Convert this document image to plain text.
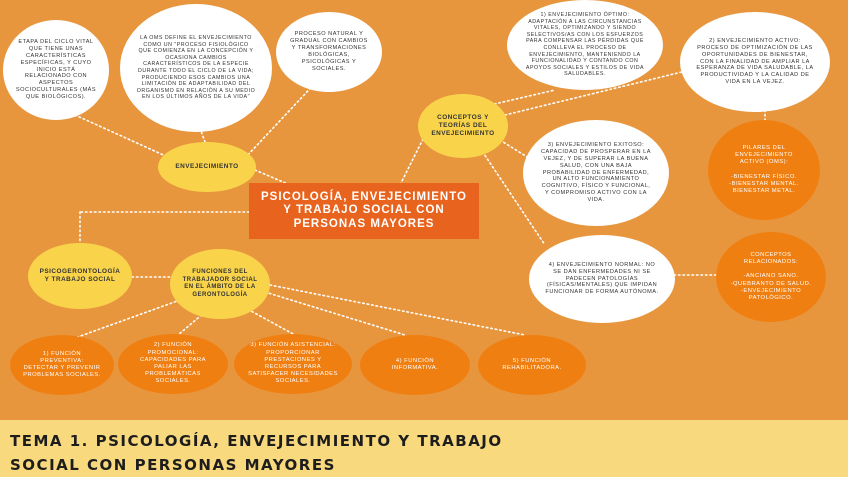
ETAPA DEL CICLO VITAL QUE TIENE UNAS CARACTERÍSTICAS ESPECÍFICAS, Y CUYO INICIO ESTÁ RELACIONADO CON ASPECTOS SOCIOCULTURALES (MÁS QUE BIOLÓGICOS).
LA OMS DEFINE EL ENVEJECIMIENTO COMO UN "PROCESO FISIOLÓGICO QUE COMIENZA EN LA CONCEPCIÓN Y OCASIONA CAMBIOS CARACTERÍSTICOS DE LA ESPECIE DURANTE TODO EL CICLO DE LA VIDA; PRODUCIENDO ESOS CAMBIOS UNA LIMITACIÓN DE ADAPTABILIDAD DEL ORGANISMO EN RELACIÓN A SU MEDIO EN LOS ÚLTIMOS AÑOS DE LA VIDA"
PROCESO NATURAL Y GRADUAL CON CAMBIOS Y TRANSFORMACIONES BIOLÓGICAS, PSICOLÓGICAS Y SOCIALES.
ENVEJECIMIENTO
1) ENVEJECIMIENTO ÓPTIMO: ADAPTACIÓN A LAS CIRCUNSTANCIAS VITALES, OPTIMIZANDO Y SIENDO SELECTIVOS/AS CON LOS ESFUERZOS PARA COMPENSAR LAS PÉRDIDAS QUE CONLLEVA EL PROCESO DE ENVEJECIMIENTO, MANTENIENDO LA FUNCIONALIDAD Y CONTANDO CON APOYOS SOCIALES Y ESTILOS DE VIDA SALUDABLES.
2) ENVEJECIMIENTO ACTIVO: PROCESO DE OPTIMIZACIÓN DE LAS OPORTUNIDADES DE BIENESTAR, CON LA FINALIDAD DE AMPLIAR LA ESPERANZA DE VIDA SALUDABLE, LA PRODUCTIVIDAD Y LA CALIDAD DE VIDA EN LA VEJEZ.
CONCEPTOS Y TEORÍAS DEL ENVEJECIMIENTO
PILARES DEL ENVEJECIMIENTO ACTIVO (OMS):

-BIENESTAR FÍSICO.
-BIENESTAR MENTAL.
BIENESTAR METAL.
3) ENVEJECIMIENTO EXITOSO: CAPACIDAD DE PROSPERAR EN LA VEJEZ, Y DE SUPERAR LA BUENA SALUD, CON UNA BAJA PROBABILIDAD DE ENFERMEDAD, UN ALTO FUNCIONAMIENTO COGNITIVO, FÍSICO Y FUNCIONAL, Y COMPROMISO ACTIVO CON LA VIDA.
PSICOLOGÍA, ENVEJECIMIENTO Y TRABAJO SOCIAL CON PERSONAS MAYORES
4) ENVEJECIMIENTO NORMAL: NO SE DAN ENFERMEDADES NI SE PADECEN PATOLOGÍAS (FÍSICAS/MENTALES) QUE IMPIDAN FUNCIONAR DE FORMA AUTÓNOMA.
CONCEPTOS RELACIONADOS:

-ANCIANO SANO.
-QUEBRANTO DE SALUD.
-ENVEJECIMIENTO PATOLÓGICO.
PSICOGERONTOLOGÍA Y TRABAJO SOCIAL
FUNCIONES DEL TRABAJADOR SOCIAL EN EL ÁMBITO DE LA GERONTOLOGÍA
1) FUNCIÓN PREVENTIVA: DETECTAR Y PREVENIR PROBLEMAS SOCIALES.
2) FUNCIÓN PROMOCIONAL: CAPACIDADES PARA PALIAR LAS PROBLEMÁTICAS SOCIALES.
3) FUNCIÓN ASISTENCIAL: PROPORCIONAR PRESTACIONES Y RECURSOS PARA SATISFACER NECESIDADES SOCIALES.
4) FUNCIÓN INFORMATIVA.
5) FUNCIÓN REHABILITADORA.
TEMA 1. PSICOLOGÍA, ENVEJECIMIENTO Y TRABAJO SOCIAL CON PERSONAS MAYORES
